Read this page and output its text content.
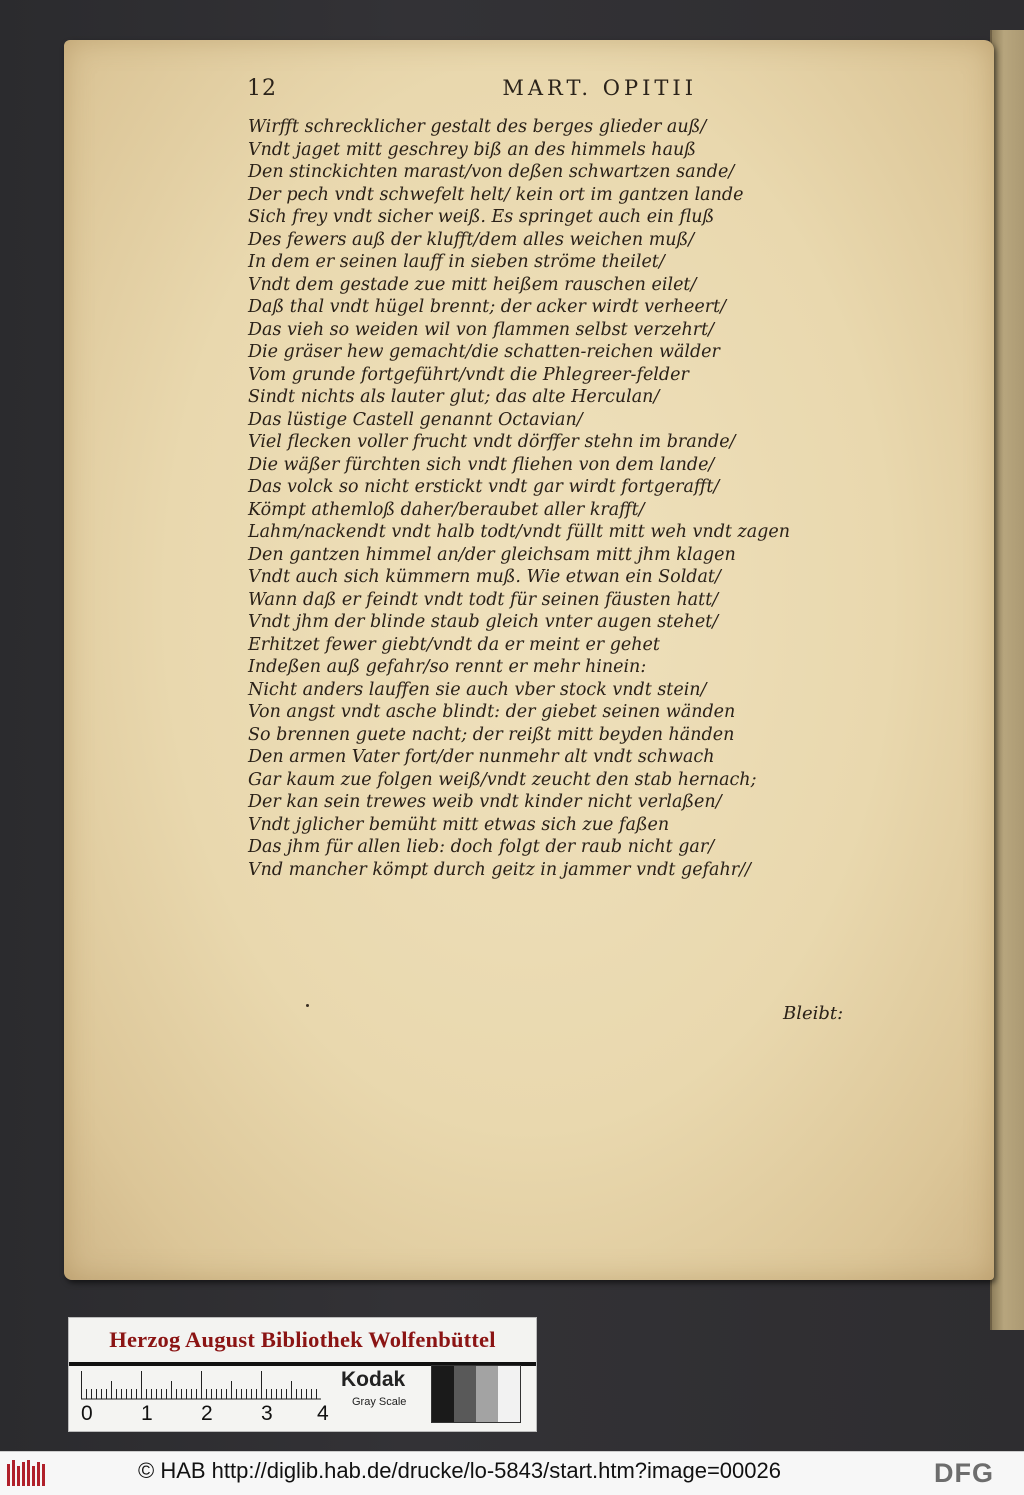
12	MART. OPITII
Wirfft schrecklicher gestalt des berges glieder auß/
Vndt jaget mitt geschrey biß an des himmels hauß
Den stinckichten marast/von deßen schwartzen sande/
Der pech vndt schwefelt helt/ kein ort im gantzen lande
Sich frey vndt sicher weiß. Es springet auch ein fluß
Des fewers auß der klufft/dem alles weichen muß/
In dem er seinen lauff in sieben ströme theilet/
Vndt dem gestade zue mitt heißem rauschen eilet/
Daß thal vndt hügel brennt; der acker wirdt verheert/
Das vieh so weiden wil von flammen selbst verzehrt/
Die gräser hew gemacht/die schatten-reichen wälder
Vom grunde fortgeführt/vndt die Phlegreer-felder
Sindt nichts als lauter glut; das alte Herculan/
Das lüstige Castell genannt Octavian/
Viel flecken voller frucht vndt dörffer stehn im brande/
Die wäßer fürchten sich vndt fliehen von dem lande/
Das volck so nicht erstickt vndt gar wirdt fortgerafft/
Kömpt athemloß daher/beraubet aller krafft/
Lahm/nackendt vndt halb todt/vndt füllt mitt weh vndt zagen
Den gantzen himmel an/der gleichsam mitt jhm klagen
Vndt auch sich kümmern muß. Wie etwan ein Soldat/
Wann daß er feindt vndt todt für seinen fäusten hatt/
Vndt jhm der blinde staub gleich vnter augen stehet/
Erhitzet fewer giebt/vndt da er meint er gehet
Indeßen auß gefahr/so rennt er mehr hinein:
Nicht anders lauffen sie auch vber stock vndt stein/
Von angst vndt asche blindt: der giebet seinen wänden
So brennen guete nacht; der reißt mitt beyden händen
Den armen Vater fort/der nunmehr alt vndt schwach
Gar kaum zue folgen weiß/vndt zeucht den stab hernach;
Der kan sein trewes weib vndt kinder nicht verlaßen/
Vndt jglicher bemüht mitt etwas sich zue faßen
Das jhm für allen lieb: doch folgt der raub nicht gar/
Vnd mancher kömpt durch geitz in jammer vndt gefahr//
Bleibt:
Herzog August Bibliothek Wolfenbüttel
0 1 2 3 4
Kodak
Gray Scale
© HAB http://diglib.hab.de/drucke/lo-5843/start.htm?image=00026	DFG
